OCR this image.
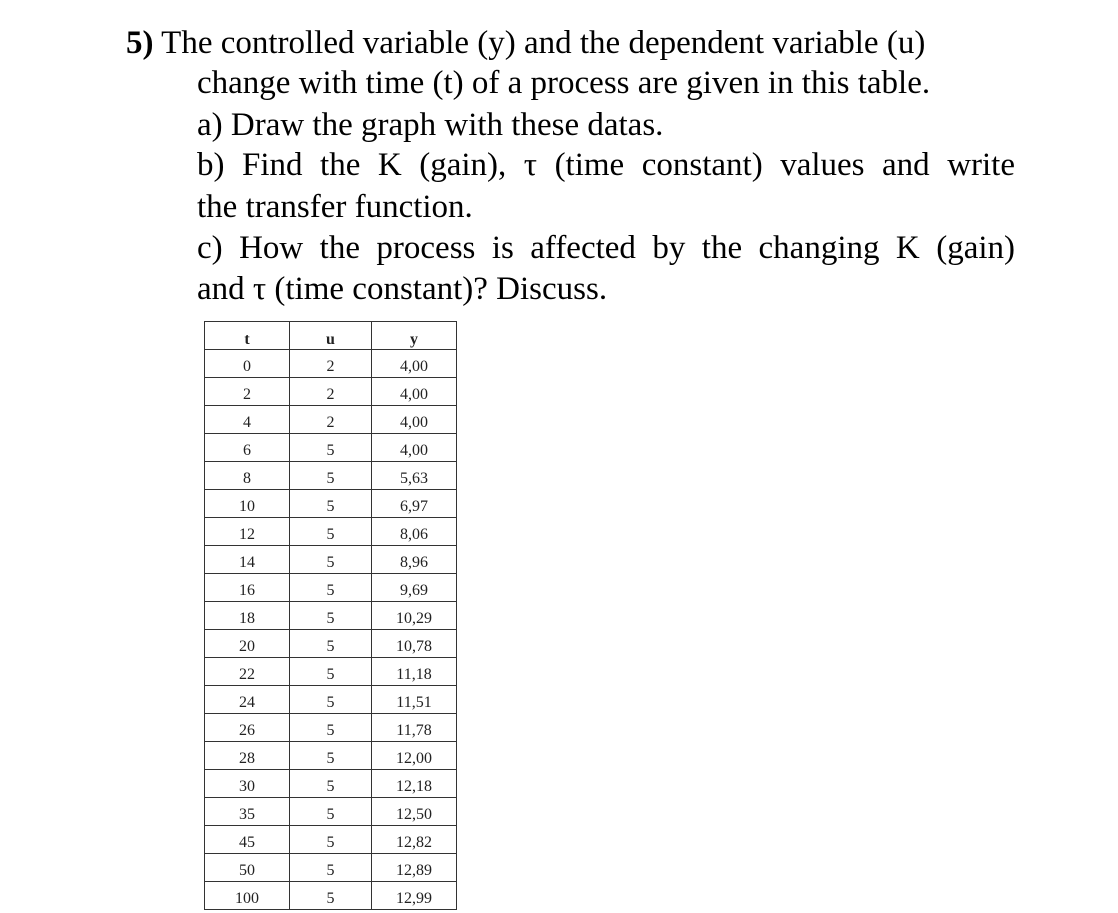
5) The controlled variable (y) and the dependent variable (u)
change with time (t) of a process are given in this table.
a) Draw the graph with these datas.
b) Find the K (gain), τ (time constant) values and write
the transfer function.
c) How the process is affected by the changing K (gain)
and τ (time constant)? Discuss.
t	u	y
0	2	4,00
2	2	4,00
4	2	4,00
6	5	4,00
8	5	5,63
10	5	6,97
12	5	8,06
14	5	8,96
16	5	9,69
18	5	10,29
20	5	10,78
22	5	11,18
24	5	11,51
26	5	11,78
28	5	12,00
30	5	12,18
35	5	12,50
45	5	12,82
50	5	12,89
100	5	12,99
